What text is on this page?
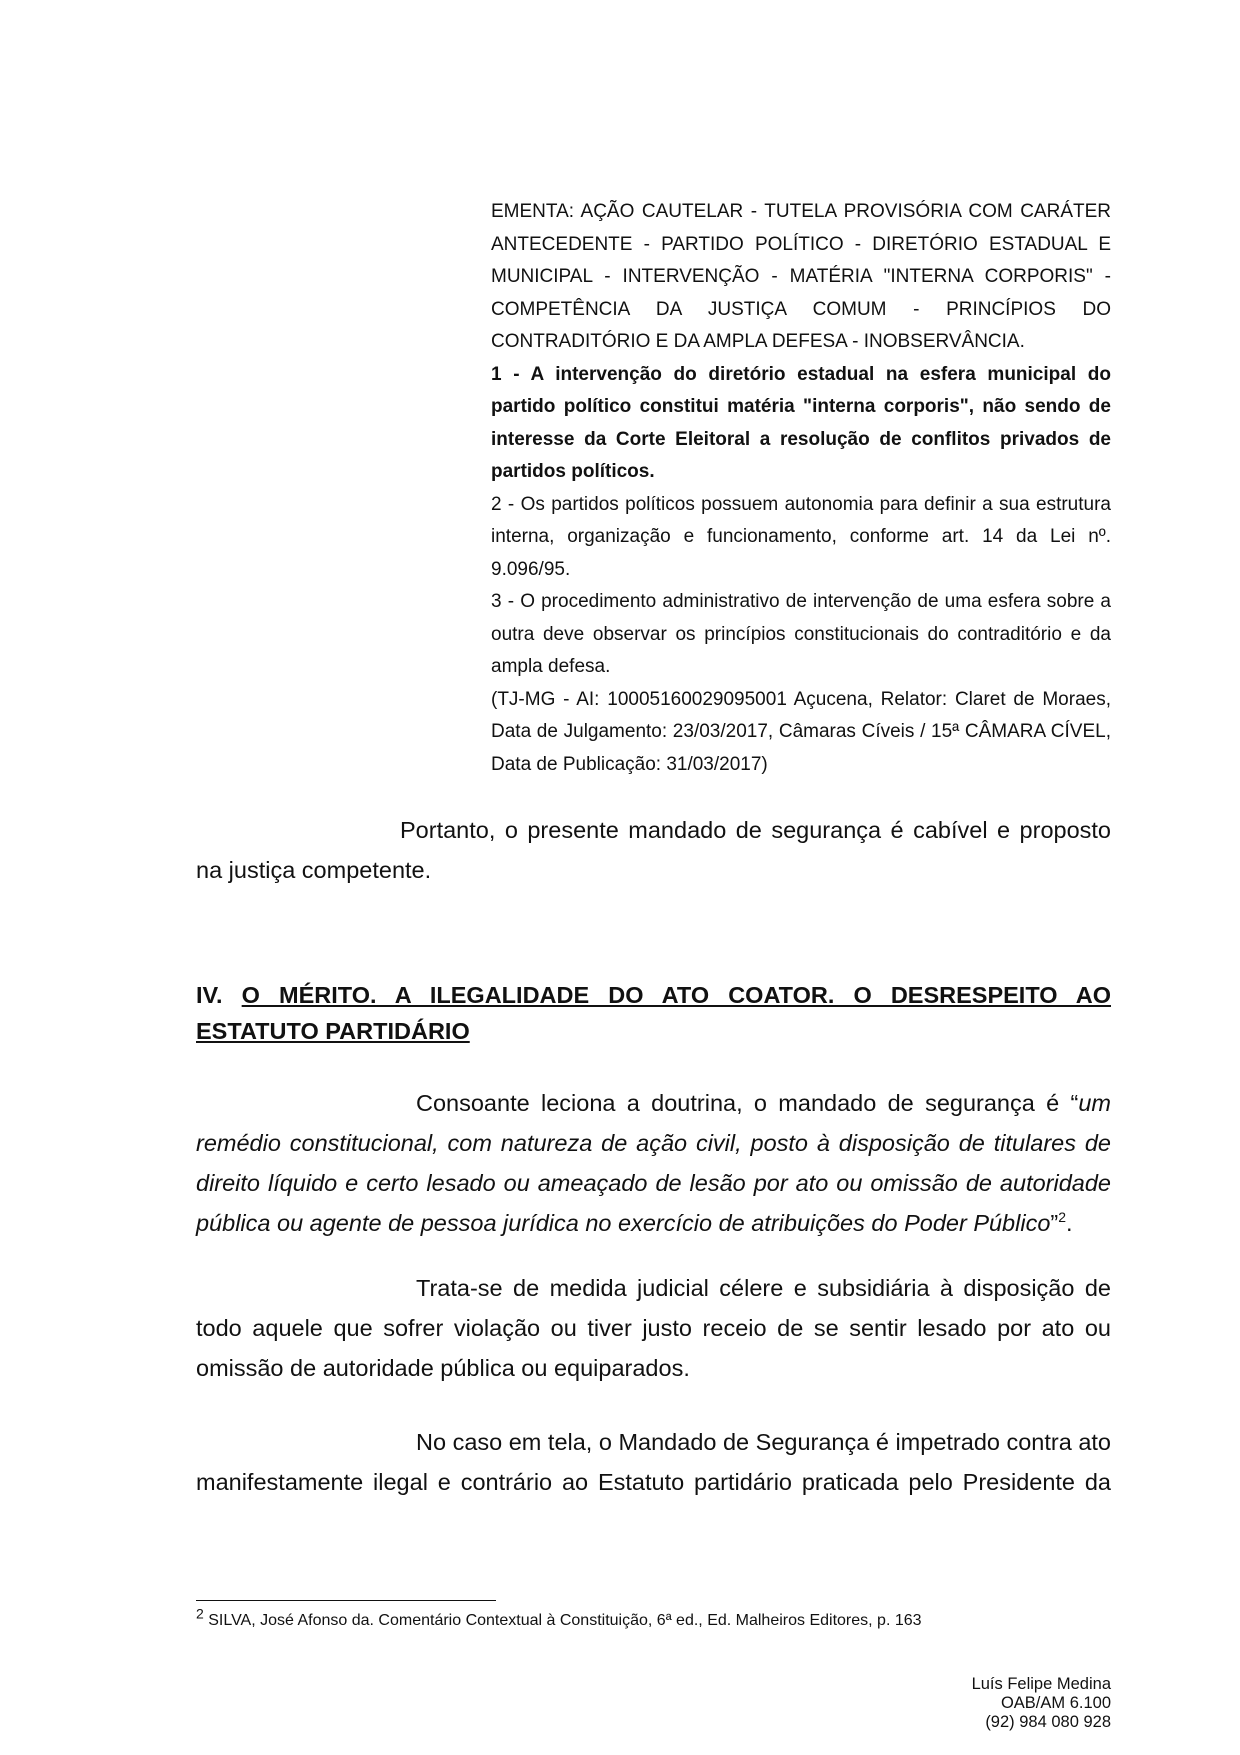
EMENTA: AÇÃO CAUTELAR - TUTELA PROVISÓRIA COM CARÁTER ANTECEDENTE - PARTIDO POLÍTICO - DIRETÓRIO ESTADUAL E MUNICIPAL - INTERVENÇÃO - MATÉRIA "INTERNA CORPORIS" - COMPETÊNCIA DA JUSTIÇA COMUM - PRINCÍPIOS DO CONTRADITÓRIO E DA AMPLA DEFESA - INOBSERVÂNCIA.

1 - A intervenção do diretório estadual na esfera municipal do partido político constitui matéria "interna corporis", não sendo de interesse da Corte Eleitoral a resolução de conflitos privados de partidos políticos.

2 - Os partidos políticos possuem autonomia para definir a sua estrutura interna, organização e funcionamento, conforme art. 14 da Lei nº. 9.096/95.

3 - O procedimento administrativo de intervenção de uma esfera sobre a outra deve observar os princípios constitucionais do contraditório e da ampla defesa.

(TJ-MG - AI: 10005160029095001 Açucena, Relator: Claret de Moraes, Data de Julgamento: 23/03/2017, Câmaras Cíveis / 15ª CÂMARA CÍVEL, Data de Publicação: 31/03/2017)

Portanto, o presente mandado de segurança é cabível e proposto na justiça competente.

IV. O MÉRITO. A ILEGALIDADE DO ATO COATOR. O DESRESPEITO AO ESTATUTO PARTIDÁRIO

Consoante leciona a doutrina, o mandado de segurança é “um remédio constitucional, com natureza de ação civil, posto à disposição de titulares de direito líquido e certo lesado ou ameaçado de lesão por ato ou omissão de autoridade pública ou agente de pessoa jurídica no exercício de atribuições do Poder Público”$^2$.

Trata-se de medida judicial célere e subsidiária à disposição de todo aquele que sofrer violação ou tiver justo receio de se sentir lesado por ato ou omissão de autoridade pública ou equiparados.

No caso em tela, o Mandado de Segurança é impetrado contra ato manifestamente ilegal e contrário ao Estatuto partidário praticada pelo Presidente da

$^2$ SILVA, José Afonso da. Comentário Contextual à Constituição, 6ª ed., Ed. Malheiros Editores, p. 163
Luís Felipe Medina
OAB/AM 6.100
(92) 984 080 928
